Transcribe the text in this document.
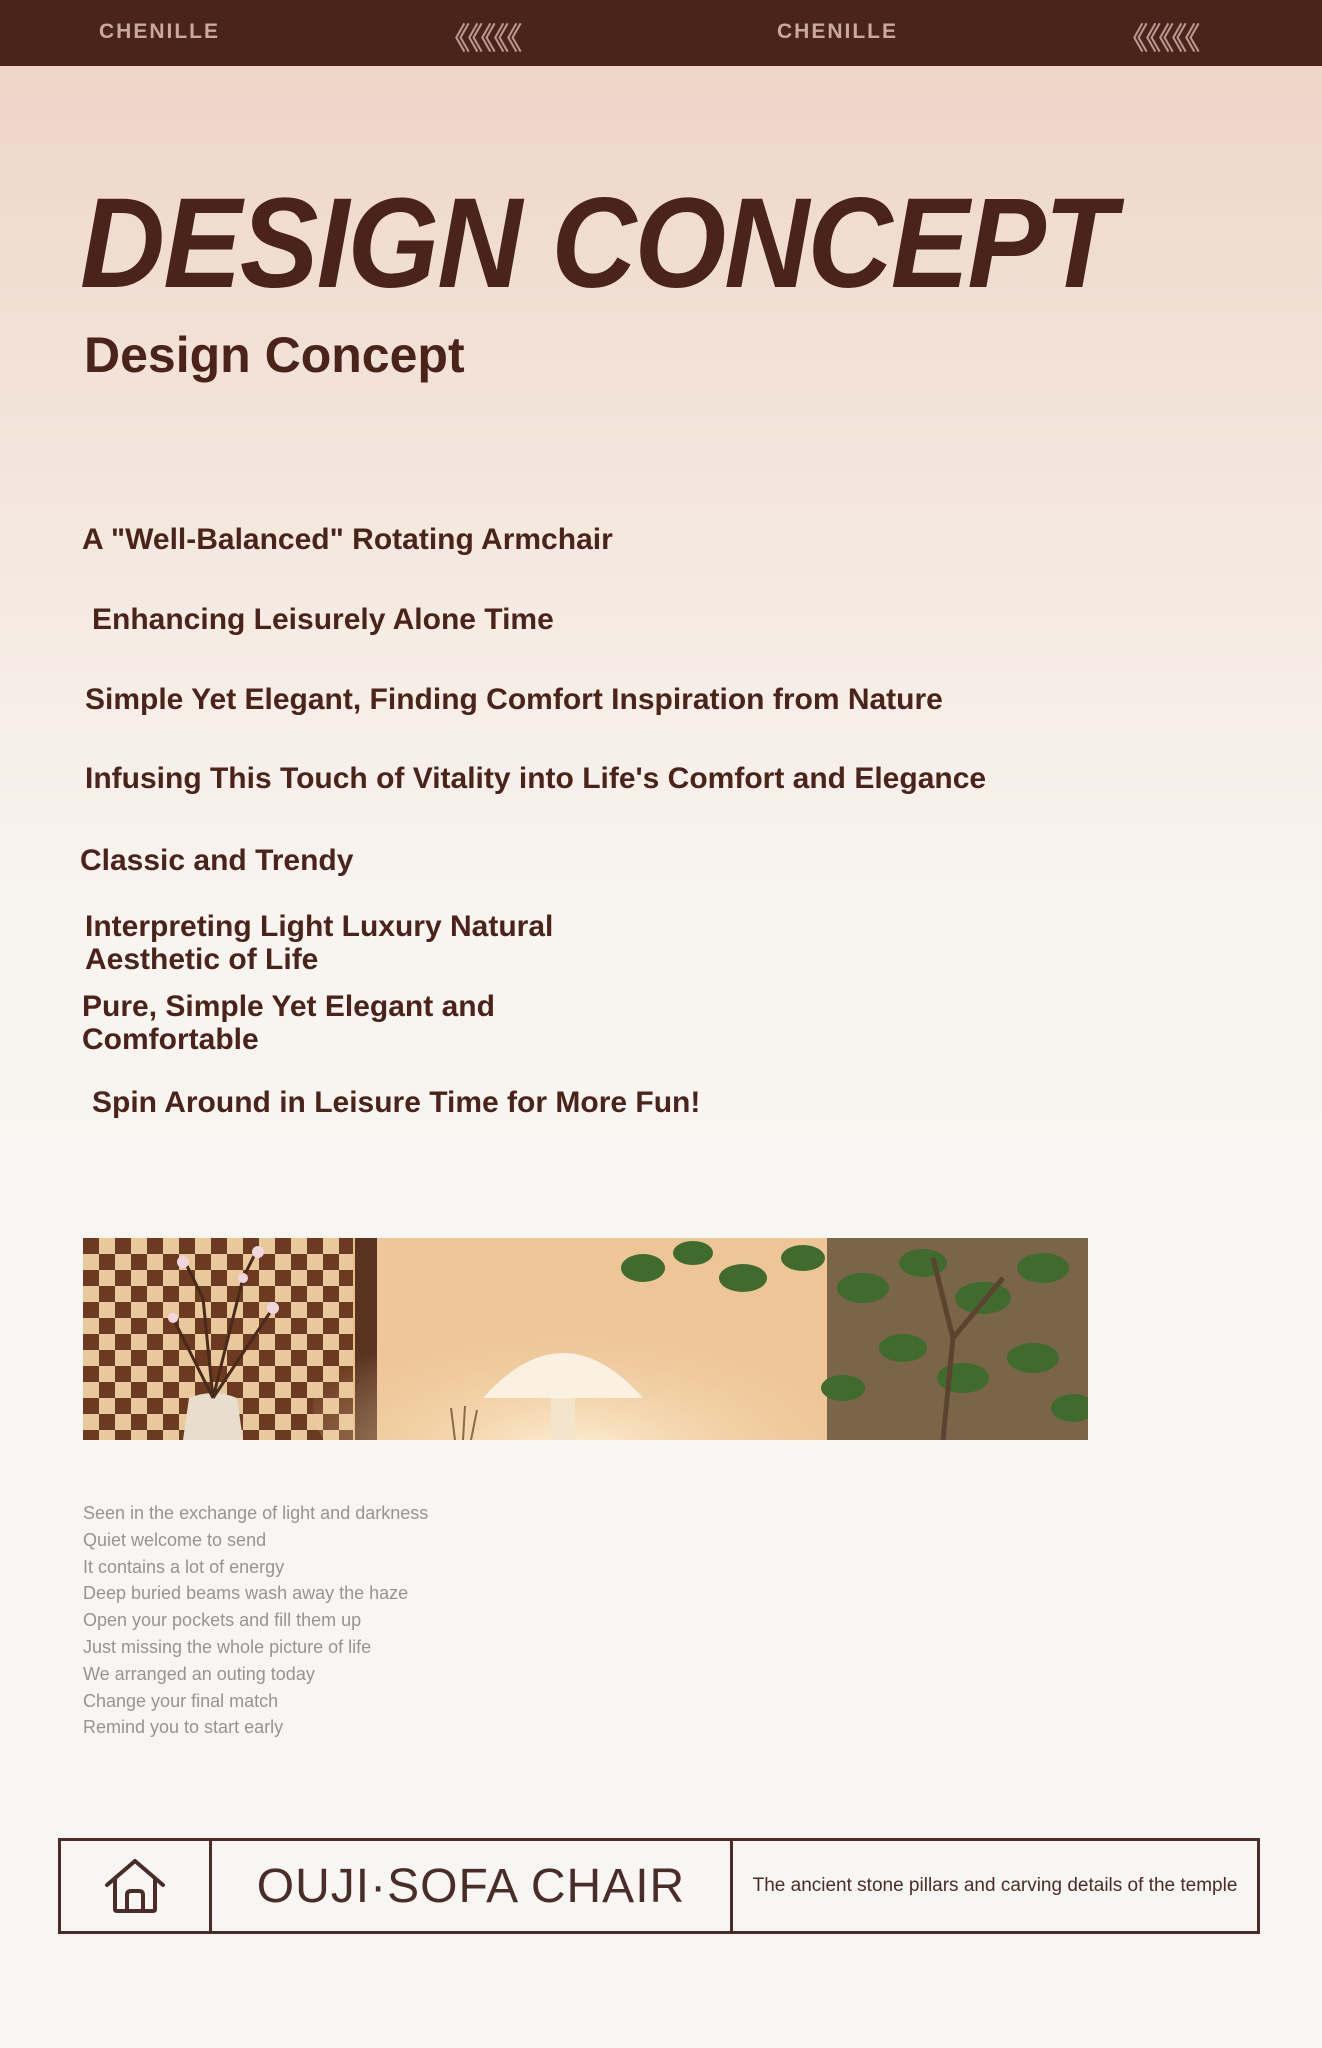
CHENILLE	《《《《《	CHENILLE	《《《《《
DESIGN CONCEPT
Design Concept
A "Well-Balanced" Rotating Armchair
Enhancing Leisurely Alone Time
Simple Yet Elegant, Finding Comfort Inspiration from Nature
Infusing This Touch of Vitality into Life's Comfort and Elegance
Classic and Trendy
Interpreting Light Luxury Natural
Aesthetic of Life
Pure, Simple Yet Elegant and
Comfortable
Spin Around in Leisure Time for More Fun!
Seen in the exchange of light and darkness
Quiet welcome to send
It contains a lot of energy
Deep buried beams wash away the haze
Open your pockets and fill them up
Just missing the whole picture of life
We arranged an outing today
Change your final match
Remind you to start early
OUJI·SOFA CHAIR	The ancient stone pillars and carving details of the temple
